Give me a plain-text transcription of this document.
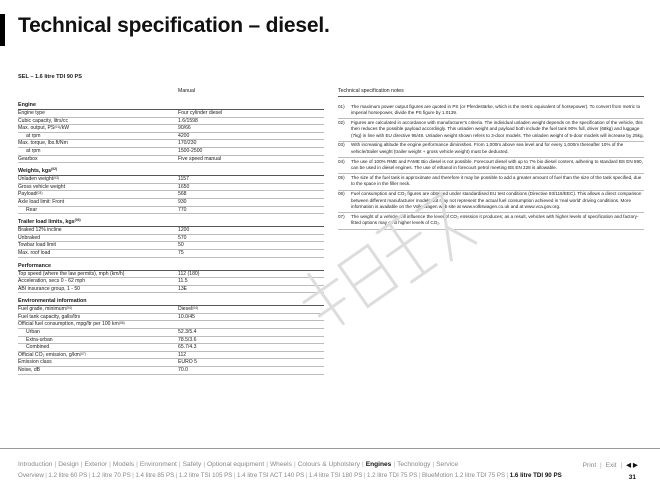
Technical specification – diesel.
SEL – 1.6 litre TDI 90 PS
Manual
Engine
Engine type	Four cylinder diesel
Cubic capacity, litrs/cc	1.6/1598
Max. output, PS$^{(01)}$/kW	90/66
at rpm	4200
Max. torque, lbs.ft/Nm	170/230
at rpm	1500-2500
Gearbox	Five speed manual
Weights, kgs$^{(02)}$
Unladen weight$^{(03)}$	1157
Gross vehicle weight	1650
Payload$^{(03)}$	568
Axle load limit: Front	930
Rear	770
Trailer load limits, kgs$^{(03)}$
Braked 12% incline	1200
Unbraked	570
Towbar load limit	50
Max. roof load	75
Performance
Top speed (where the law permits), mph (km/h)	112 (180)
Acceleration, secs 0 - 62 mph	11.5
ABI insurance group, 1 - 50	13E
Environmental information
Fuel grade, minimum$^{(04)}$	Diesel$^{(04)}$
Fuel tank capacity, galls/ltrs	10.0/45
Official fuel consumption, mpg/ltr per 100 $km^{(06)}$
Urban	52.3/5.4
Extra-urban	78.5/3.6
Combined	65.7/4.3
Official CO₂ emission, $g/km^{(07)}$	112
Emission class	EURO 5
Noise, dB	70.0
Technical specification notes
01)	The maximum power output figures are quoted in PS (or Pferdestärke, which is the metric equivalent of horsepower). To convert from metric to imperial horsepower, divide the PS figure by 1.0139.
02)	Figures are calculated in accordance with manufacturer's criteria. The individual unladen weight depends on the specification of the vehicle, this then reduces the possible payload accordingly. This unladen weight and payload both include the fuel tank 90% full, driver (68kg) and luggage (7kg) in line with EU directive 95/48. Unladen weight shown refers to 3-door models. The unladen weight of 5-door models will increase by 25kg.
03)	With increasing altitude the engine performance diminishes. From 1,000m above sea level and for every 1,000m thereafter 10% of the vehicle/trailer weight (trailer weight + gross vehicle weight) must be deducted.
04)	The use of 100% RME and FAME Bio diesel is not possible. Forecourt diesel with up to 7% bio diesel content, adhering to standard BS EN 590, can be used in diesel engines. The use of ethanol in forecourt petrol meeting BS EN 228 is allowable.
05)	The size of the fuel tank is approximate and therefore it may be possible to add a greater amount of fuel than the size of the tank specified, due to the space in the filler neck.
06)	Fuel consumption and CO₂ figures are obtained under standardised EU test conditions (Directive 93/116/EEC). This allows a direct comparison between different manufacturer models but may not represent the actual fuel consumption achieved in 'real world' driving conditions. More information is available on the Volkswagen web site at www.volkswagen.co.uk and at www.vca.gov.org.
07)	The weight of a vehicle will influence the level of CO₂ emission it produces; as a result, vehicles with higher levels of specification and factory-fitted options may emit higher levels of CO₂.
Introduction | Design | Exterior | Models | Environment | Safety | Optional equipment | Wheels | Colours & Upholstery | Engines | Technology | Service	Print | Exit | ◀ ▶
Overview | 1.2 litre 60 PS | 1.2 litre 70 PS | 1.4 litre 85 PS | 1.2 litre TSI 105 PS | 1.4 litre TSI ACT 140 PS | 1.4 litre TSI 180 PS | 1.2 litre TDI 75 PS | BlueMotion 1.2 litre TDI 75 PS | 1.6 litre TDI 90 PS	31
